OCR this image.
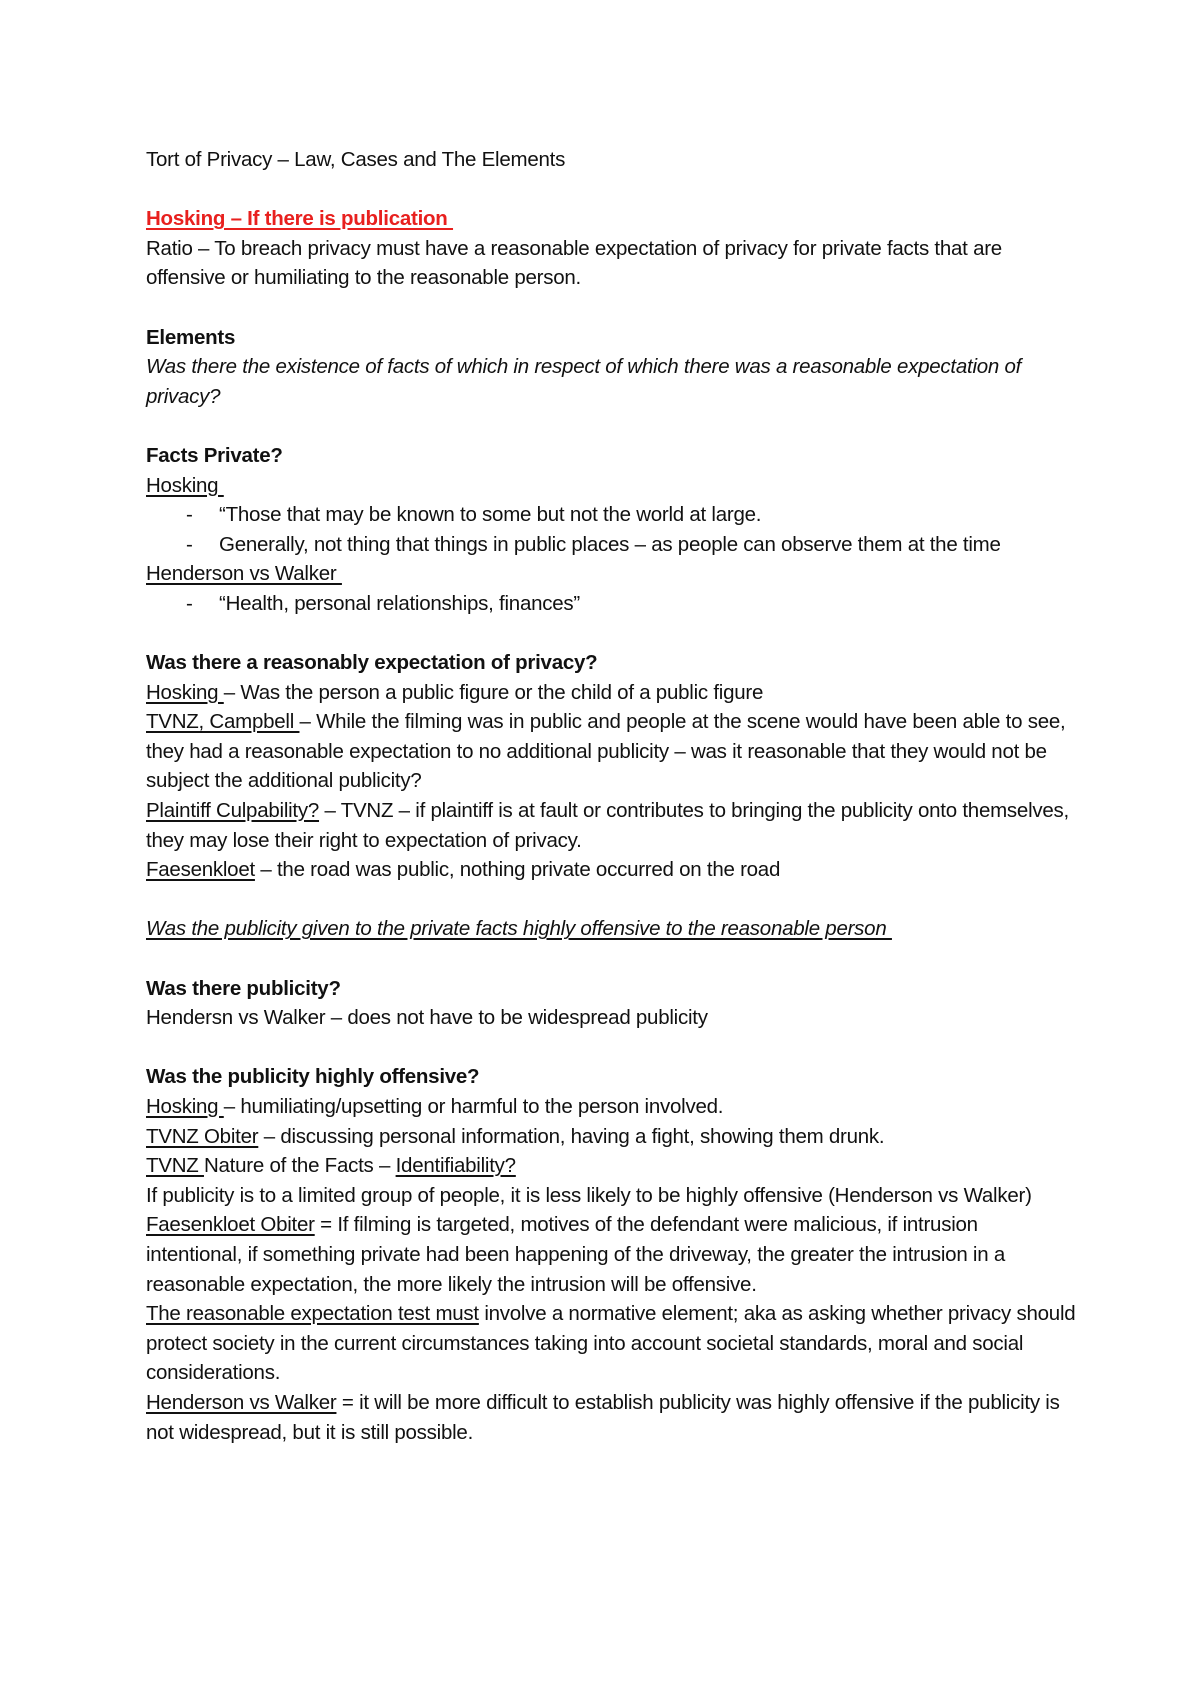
Tort of Privacy – Law, Cases and The Elements

Hosking – If there is publication

Ratio – To breach privacy must have a reasonable expectation of privacy for private facts that are offensive or humiliating to the reasonable person.

Elements

Was there the existence of facts of which in respect of which there was a reasonable expectation of privacy?

Facts Private?

Hosking

- “Those that may be known to some but not the world at large.
- Generally, not thing that things in public places – as people can observe them at the time

Henderson vs Walker

- “Health, personal relationships, finances”

Was there a reasonably expectation of privacy?

Hosking – Was the person a public figure or the child of a public figure

TVNZ, Campbell – While the filming was in public and people at the scene would have been able to see, they had a reasonable expectation to no additional publicity – was it reasonable that they would not be subject the additional publicity?

Plaintiff Culpability? – TVNZ – if plaintiff is at fault or contributes to bringing the publicity onto themselves, they may lose their right to expectation of privacy.

Faesenkloet – the road was public, nothing private occurred on the road

Was the publicity given to the private facts highly offensive to the reasonable person

Was there publicity?

Hendersn vs Walker – does not have to be widespread publicity

Was the publicity highly offensive?

Hosking – humiliating/upsetting or harmful to the person involved.

TVNZ Obiter – discussing personal information, having a fight, showing them drunk.

TVNZ Nature of the Facts – Identifiability?

If publicity is to a limited group of people, it is less likely to be highly offensive (Henderson vs Walker)

Faesenkloet Obiter = If filming is targeted, motives of the defendant were malicious, if intrusion intentional, if something private had been happening of the driveway, the greater the intrusion in a reasonable expectation, the more likely the intrusion will be offensive.

The reasonable expectation test must involve a normative element; aka as asking whether privacy should protect society in the current circumstances taking into account societal standards, moral and social considerations.

Henderson vs Walker = it will be more difficult to establish publicity was highly offensive if the publicity is not widespread, but it is still possible.
